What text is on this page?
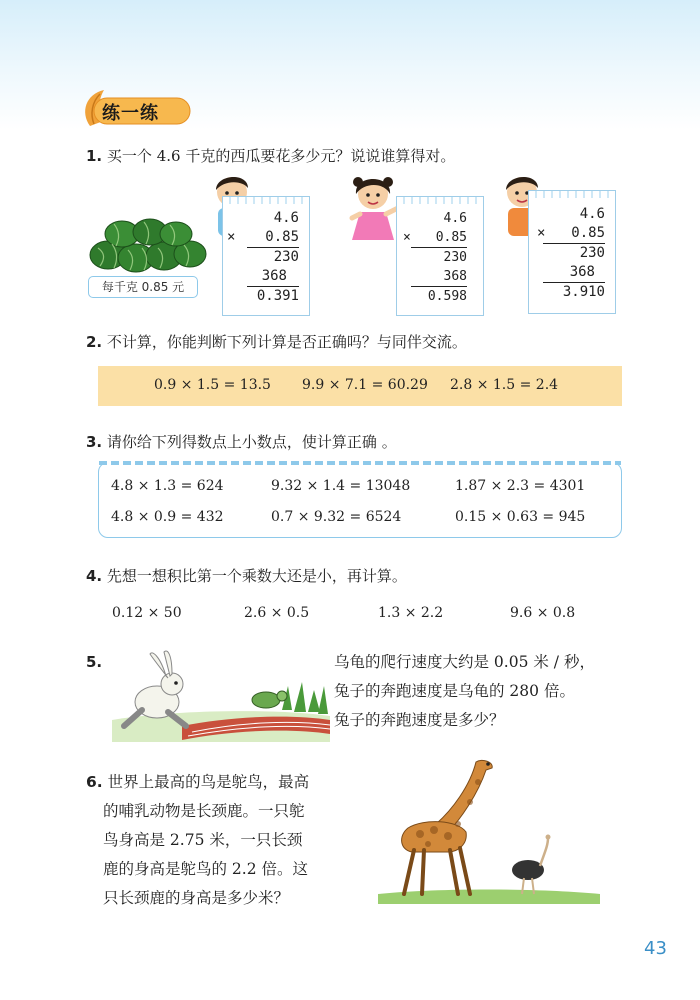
练一练
1. 买一个 4.6 千克的西瓜要花多少元？说说谁算得对。
每千克 0.85 元
4.6
× 0.85
230
368
0.391
4.6
× 0.85
230
368
0.598
4.6
× 0.85
230
368
3.910
2. 不计算，你能判断下列计算是否正确吗？与同伴交流。
0.9 × 1.5 = 13.5 9.9 × 7.1 = 60.29 2.8 × 1.5 = 2.4
3. 请你给下列得数点上小数点，使计算正确 。
4.8 × 1.3 = 624	9.32 × 1.4 = 13048	1.87 × 2.3 = 4301
4.8 × 0.9 = 432	0.7 × 9.32 = 6524	0.15 × 0.63 = 945
4. 先想一想积比第一个乘数大还是小，再计算。
0.12 × 50	2.6 × 0.5	1.3 × 2.2	9.6 × 0.8
5.	乌龟的爬行速度大约是 0.05 米 / 秒，
兔子的奔跑速度是乌龟的 280 倍。
兔子的奔跑速度是多少？
6. 世界上最高的鸟是鸵鸟，最高
的哺乳动物是长颈鹿。一只鸵
鸟身高是 2.75 米，一只长颈
鹿的身高是鸵鸟的 2.2 倍。这
只长颈鹿的身高是多少米？
43
